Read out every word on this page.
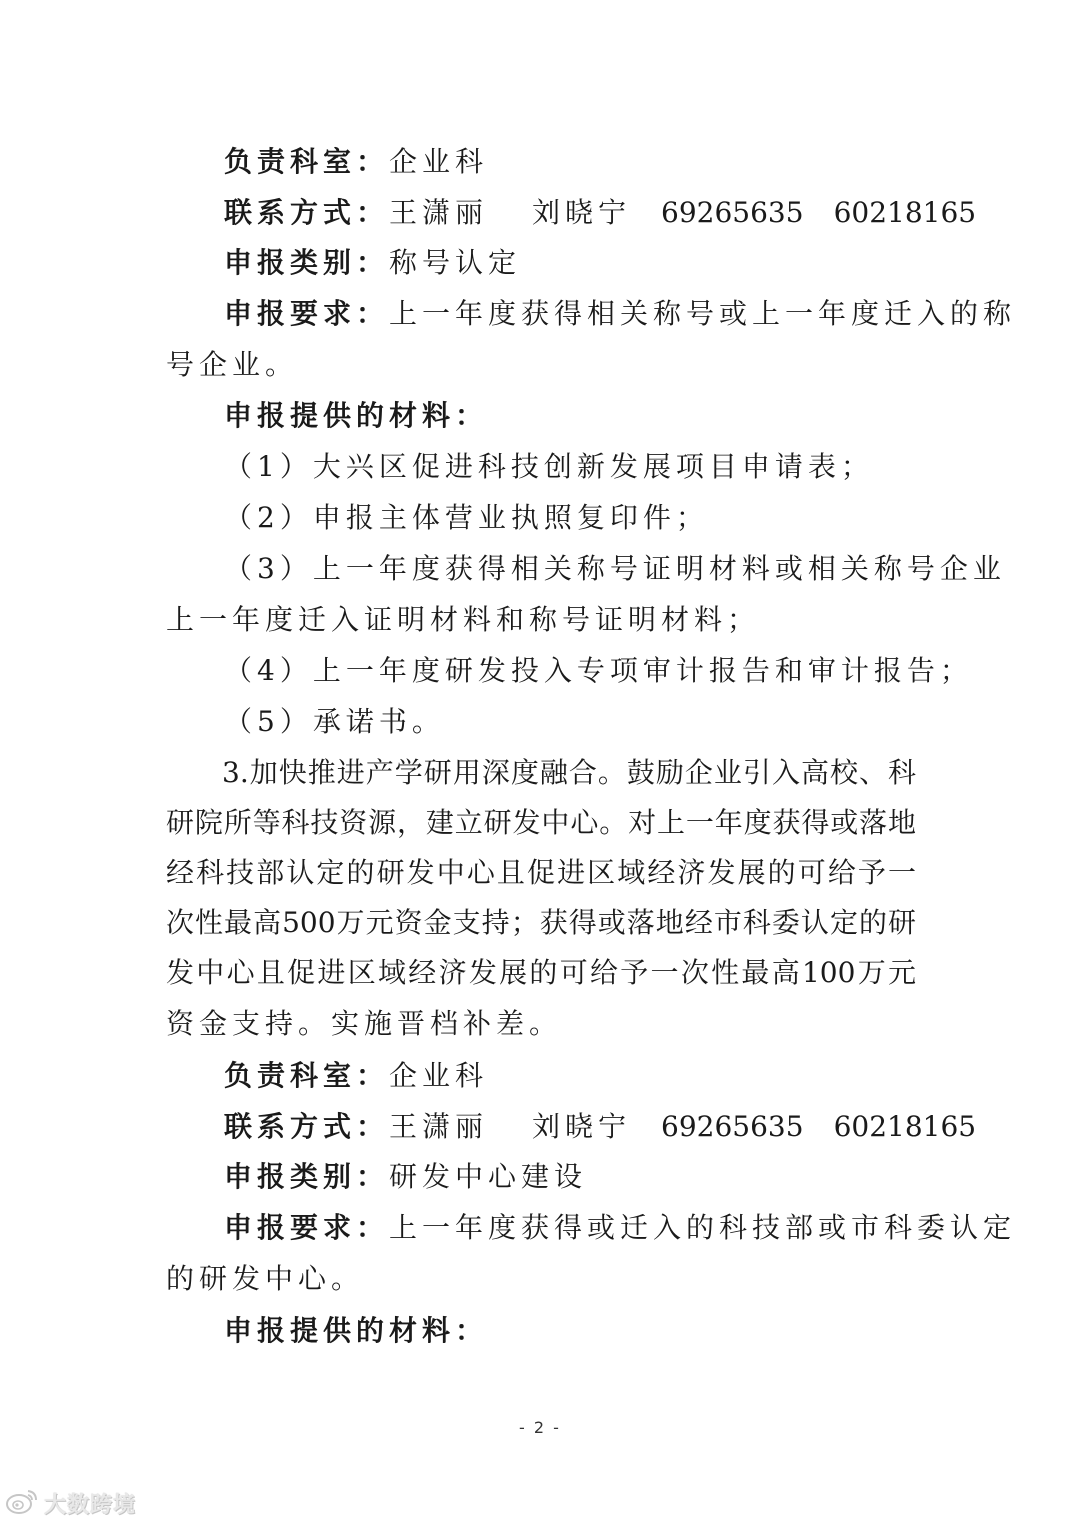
负责科室：企业科
联系方式：王潇丽 刘晓宁 69265635 60218165
申报类别：称号认定
申报要求：上一年度获得相关称号或上一年度迁入的称
号企业。
申报提供的材料：
（1）大兴区促进科技创新发展项目申请表；
（2）申报主体营业执照复印件；
（3）上一年度获得相关称号证明材料或相关称号企业
上一年度迁入证明材料和称号证明材料；
（4）上一年度研发投入专项审计报告和审计报告；
（5）承诺书。
3.加快推进产学研用深度融合。鼓励企业引入高校、科
研院所等科技资源，建立研发中心。对上一年度获得或落地
经科技部认定的研发中心且促进区域经济发展的可给予一
次性最高500万元资金支持；获得或落地经市科委认定的研
发中心且促进区域经济发展的可给予一次性最高100万元
资金支持。实施晋档补差。
负责科室：企业科
联系方式：王潇丽 刘晓宁 69265635 60218165
申报类别：研发中心建设
申报要求：上一年度获得或迁入的科技部或市科委认定
的研发中心。
申报提供的材料：
- 2 -
大数跨境
